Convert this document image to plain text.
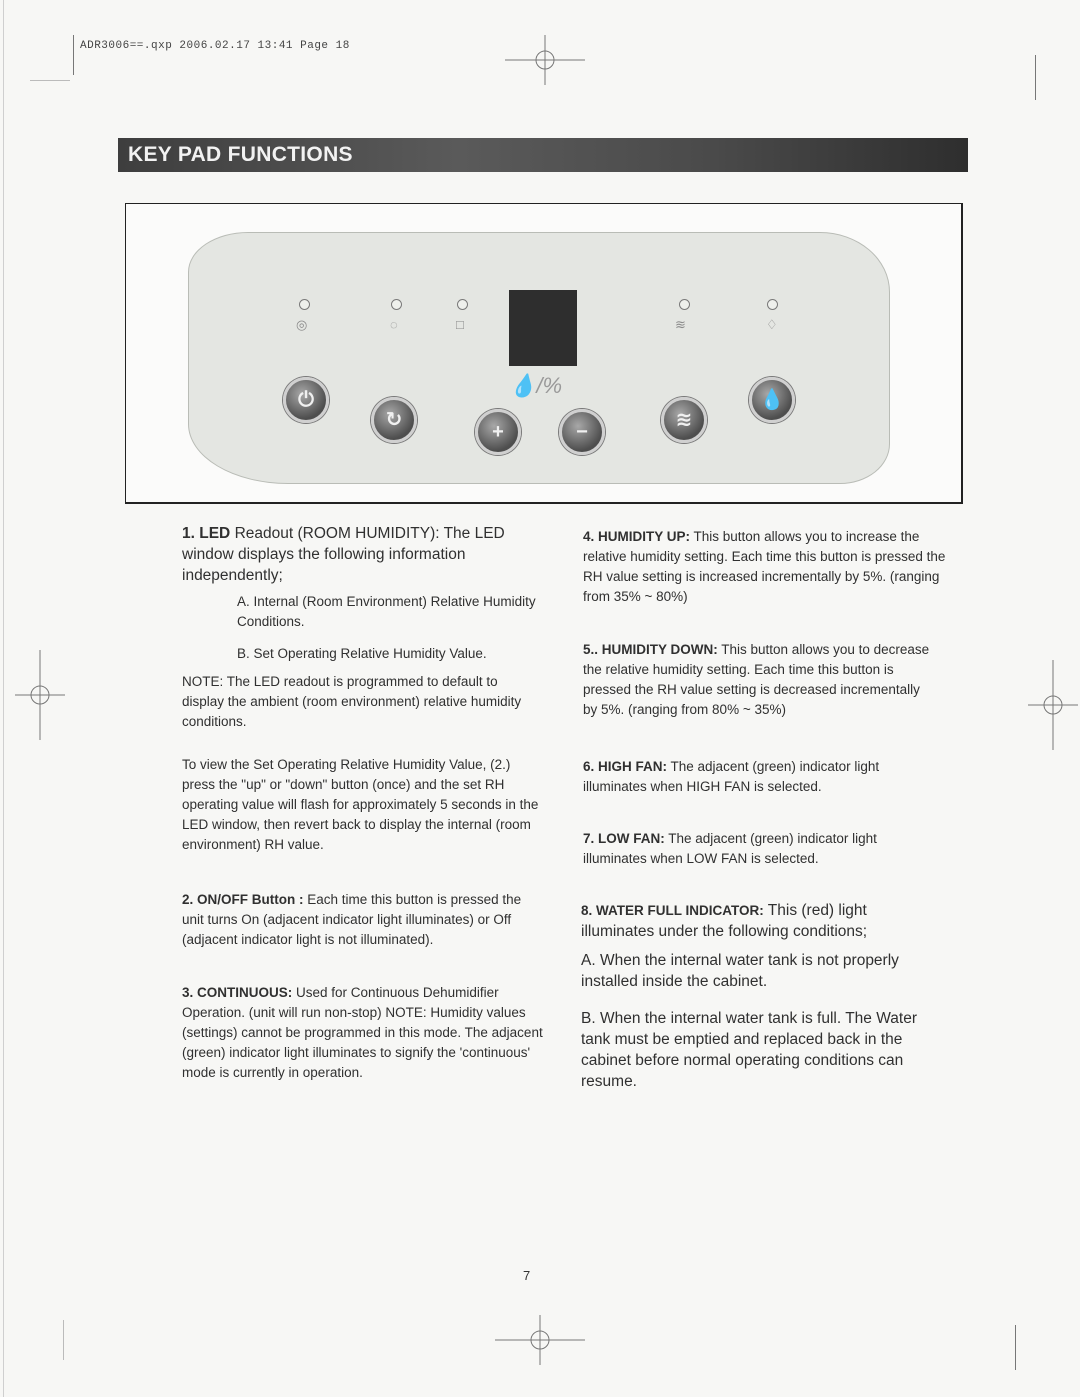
ADR3006==.qxp 2006.02.17 13:41 Page 18
KEY PAD FUNCTIONS
◎	◌	□	≋	♢
💧/%
⏻
↻
+	−
≋
💧

1. LED Readout (ROOM HUMIDITY): The LED window displays the following information independently;

A. Internal (Room Environment) Relative Humidity Conditions.

B. Set Operating Relative Humidity Value.

NOTE: The LED readout is programmed to default to display the ambient (room environment) relative humidity conditions.

To view the Set Operating Relative Humidity Value, (2.) press the "up" or "down" button (once) and the set RH operating value will flash for approximately 5 seconds in the LED window, then revert back to display the internal (room environment) RH value.
2. ON/OFF Button : Each time this button is pressed the unit turns On (adjacent indicator light illuminates) or Off (adjacent indicator light is not illuminated).
3. CONTINUOUS: Used for Continuous Dehumidifier Operation. (unit will run non-stop) NOTE: Humidity values (settings) cannot be programmed in this mode. The adjacent (green) indicator light illuminates to signify the 'continuous' mode is currently in operation.
4. HUMIDITY UP: This button allows you to increase the relative humidity setting. Each time this button is pressed the RH value setting is increased incrementally by 5%. (ranging from 35% ~ 80%)
5.. HUMIDITY DOWN: This button allows you to decrease the relative humidity setting. Each time this button is pressed the RH value setting is decreased incrementally by 5%. (ranging from 80% ~ 35%)
6. HIGH FAN: The adjacent (green) indicator light illuminates when HIGH FAN is selected.
7. LOW FAN: The adjacent (green) indicator light illuminates when LOW FAN is selected.

8. WATER FULL INDICATOR: This (red) light illuminates under the following conditions;

A. When the internal water tank is not properly installed inside the cabinet.

B. When the internal water tank is full. The Water tank must be emptied and replaced back in the cabinet before normal operating conditions can resume.

7
